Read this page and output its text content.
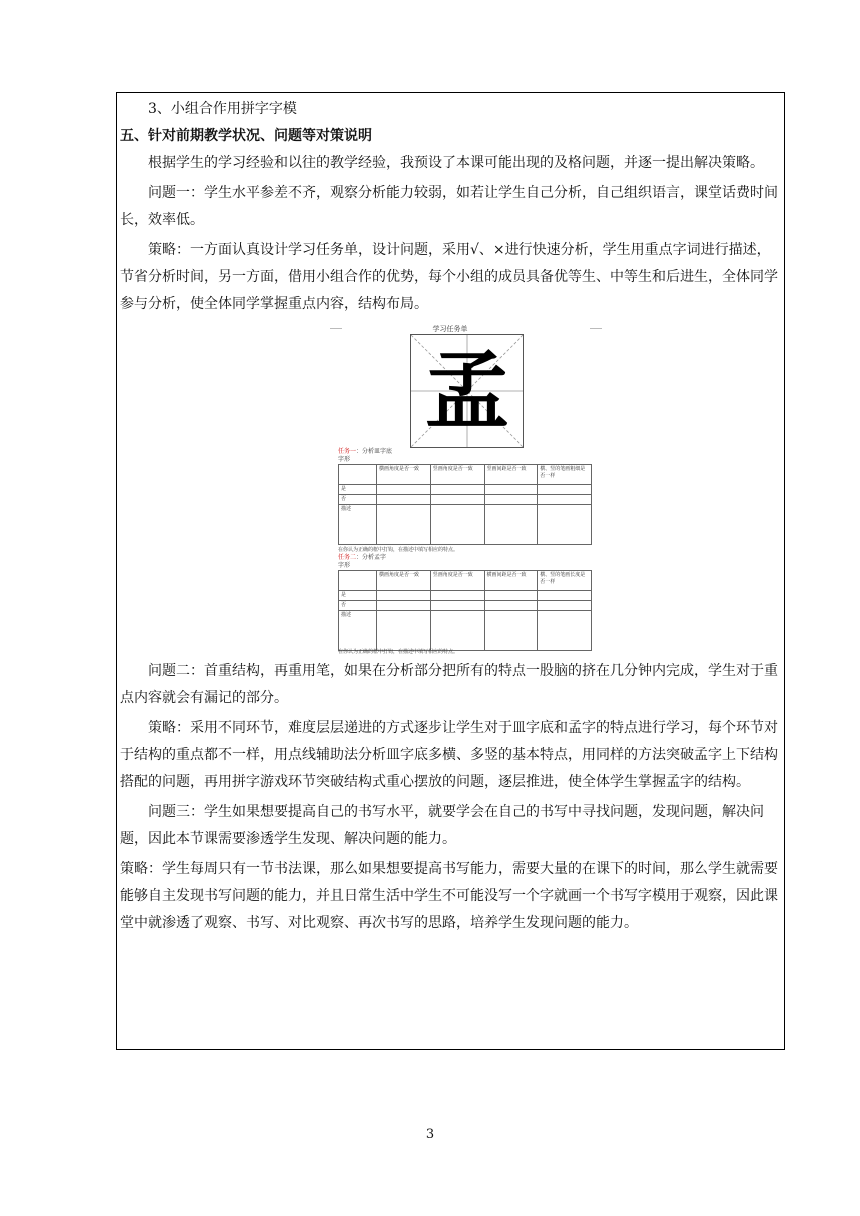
3、小组合作用拼字字模

五、针对前期教学状况、问题等对策说明

根据学生的学习经验和以往的教学经验，我预设了本课可能出现的及格问题，并逐一提出解决策略。

问题一：学生水平参差不齐，观察分析能力较弱，如若让学生自己分析，自己组织语言，课堂话费时间长，效率低。

策略：一方面认真设计学习任务单，设计问题，采用√、×进行快速分析，学生用重点字词进行描述，节省分析时间，另一方面，借用小组合作的优势，每个小组的成员具备优等生、中等生和后进生，全体同学参与分析，使全体同学掌握重点内容，结构布局。

学习任务单
孟
任务一：分析皿字底
字形
	横画角度是否一致	竖画角度是否一致	竖画间距是否一致	横、竖的笔画粗细是否一样
是				
否				
描述				
在你认为正确的框中打钩，在描述中填写相应的特点。
任务二：分析孟字
字形
	横画角度是否一致	竖画角度是否一致	横画间距是否一致	横、竖的笔画长度是否一样
是				
否				
描述				
在你认为正确的框中打钩，在描述中填写相应的特点。

问题二：首重结构，再重用笔，如果在分析部分把所有的特点一股脑的挤在几分钟内完成，学生对于重点内容就会有漏记的部分。

策略：采用不同环节，难度层层递进的方式逐步让学生对于皿字底和孟字的特点进行学习，每个环节对于结构的重点都不一样，用点线辅助法分析皿字底多横、多竖的基本特点，用同样的方法突破孟字上下结构搭配的问题，再用拼字游戏环节突破结构式重心摆放的问题，逐层推进，使全体学生掌握孟字的结构。

问题三：学生如果想要提高自己的书写水平，就要学会在自己的书写中寻找问题，发现问题，解决问题，因此本节课需要渗透学生发现、解决问题的能力。

策略：学生每周只有一节书法课，那么如果想要提高书写能力，需要大量的在课下的时间，那么学生就需要能够自主发现书写问题的能力，并且日常生活中学生不可能没写一个字就画一个书写字模用于观察，因此课堂中就渗透了观察、书写、对比观察、再次书写的思路，培养学生发现问题的能力。

3
